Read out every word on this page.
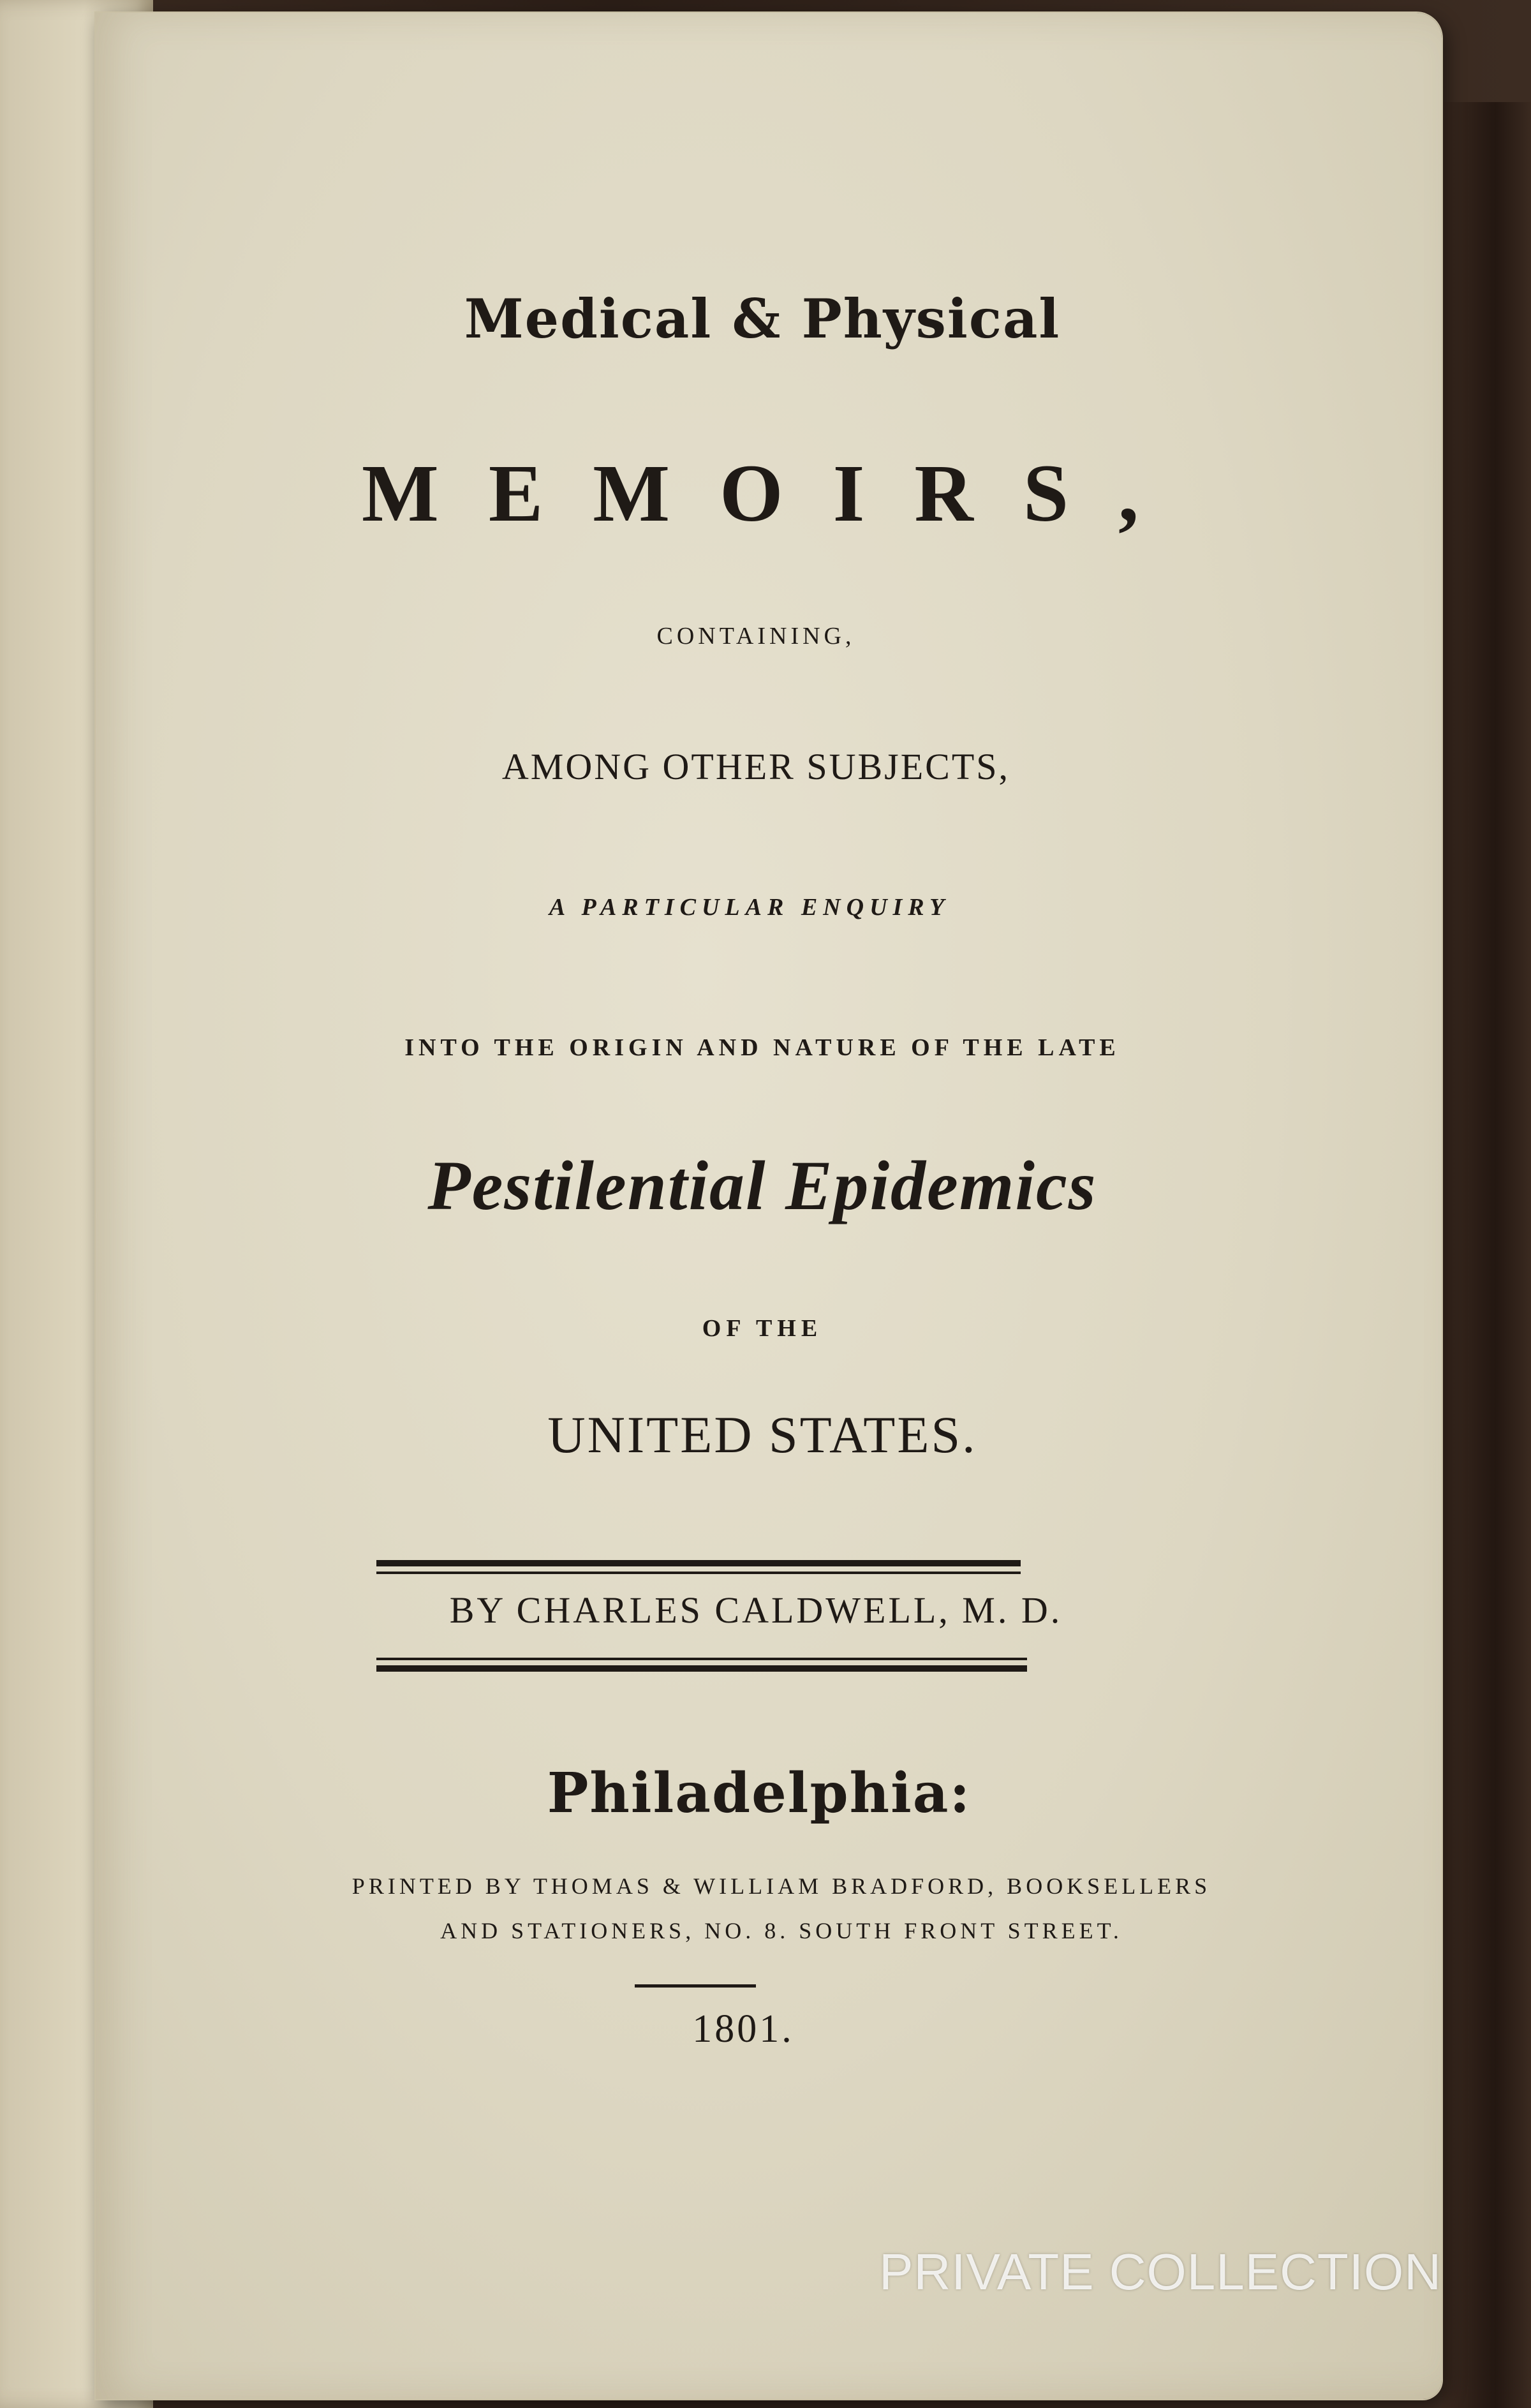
Medical & Physical
MEMOIRS,
CONTAINING,
AMONG OTHER SUBJECTS,
A PARTICULAR ENQUIRY
INTO THE ORIGIN AND NATURE OF THE LATE
Pestilential Epidemics
OF THE
UNITED STATES.
BY CHARLES CALDWELL, M. D.
Philadelphia:
PRINTED BY THOMAS & WILLIAM BRADFORD, BOOKSELLERS
AND STATIONERS, NO. 8. SOUTH FRONT STREET.
1801.
PRIVATE COLLECTION
